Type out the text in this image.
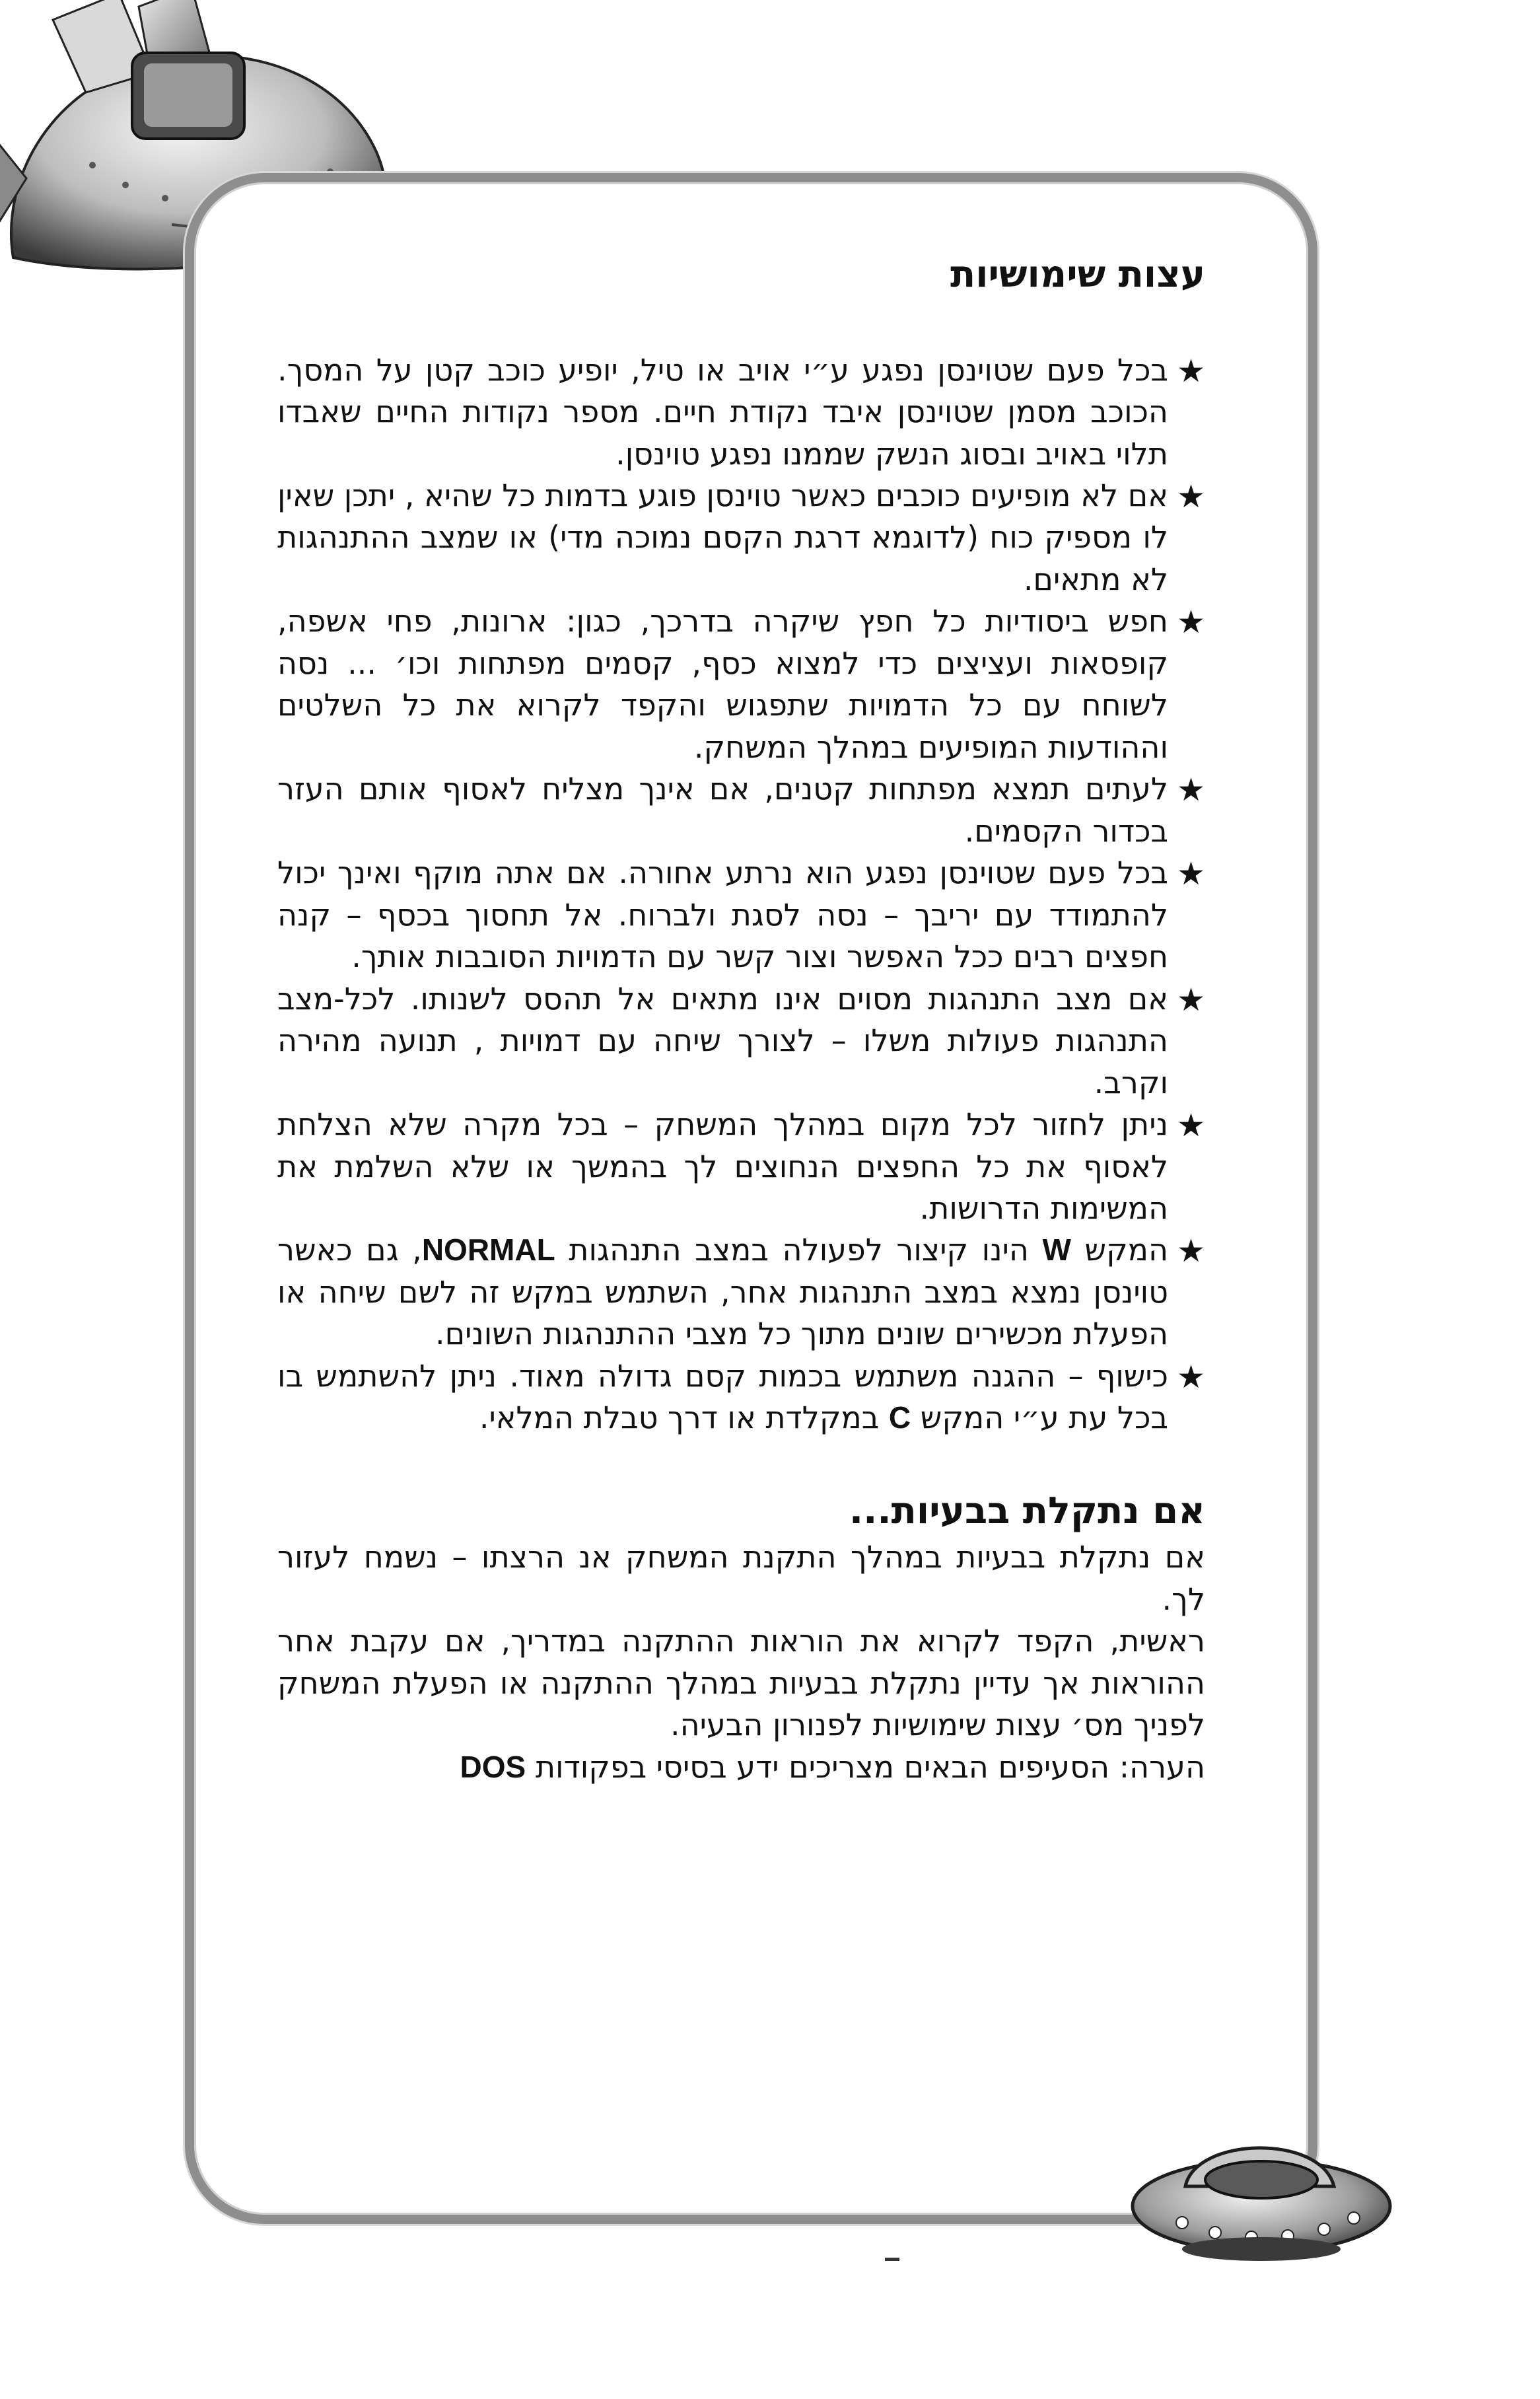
עצות שימושיות
★
בכל פעם שטוינסן נפגע ע״י אויב או טיל, יופיע כוכב קטן על המסך. הכוכב מסמן שטוינסן איבד נקודת חיים. מספר נקודות החיים שאבדו תלוי באויב ובסוג הנשק שממנו נפגע טוינסן.
★
אם לא מופיעים כוכבים כאשר טוינסן פוגע בדמות כל שהיא , יתכן שאין לו מספיק כוח (לדוגמא דרגת הקסם נמוכה מדי) או שמצב ההתנהגות לא מתאים.
★
חפש ביסודיות כל חפץ שיקרה בדרכך, כגון: ארונות, פחי אשפה, קופסאות ועציצים כדי למצוא כסף, קסמים מפתחות וכו׳ ... נסה לשוחח עם כל הדמויות שתפגוש והקפד לקרוא את כל השלטים וההודעות המופיעים במהלך המשחק.
★
לעתים תמצא מפתחות קטנים, אם אינך מצליח לאסוף אותם העזר בכדור הקסמים.
★
בכל פעם שטוינסן נפגע הוא נרתע אחורה. אם אתה מוקף ואינך יכול להתמודד עם יריבך – נסה לסגת ולברוח. אל תחסוך בכסף – קנה חפצים רבים ככל האפשר וצור קשר עם הדמויות הסובבות אותך.
★
אם מצב התנהגות מסוים אינו מתאים אל תהסס לשנותו. לכל-מצב התנהגות פעולות משלו – לצורך שיחה עם דמויות , תנועה מהירה וקרב.
★
ניתן לחזור לכל מקום במהלך המשחק – בכל מקרה שלא הצלחת לאסוף את כל החפצים הנחוצים לך בהמשך או שלא השלמת את המשימות הדרושות.
★
המקש W הינו קיצור לפעולה במצב התנהגות NORMAL, גם כאשר טוינסן נמצא במצב התנהגות אחר, השתמש במקש זה לשם שיחה או הפעלת מכשירים שונים מתוך כל מצבי ההתנהגות השונים.
★
כישוף – ההגנה משתמש בכמות קסם גדולה מאוד. ניתן להשתמש בו בכל עת ע״י המקש C במקלדת או דרך טבלת המלאי.
אם נתקלת בבעיות...

אם נתקלת בבעיות במהלך התקנת המשחק אנ הרצתו – נשמח לעזור לך.

ראשית, הקפד לקרוא את הוראות ההתקנה במדריך, אם עקבת אחר ההוראות אך עדיין נתקלת בבעיות במהלך ההתקנה או הפעלת המשחק לפניך מס׳ עצות שימושיות לפנורון הבעיה.

הערה: הסעיפים הבאים מצריכים ידע בסיסי בפקודות DOS
